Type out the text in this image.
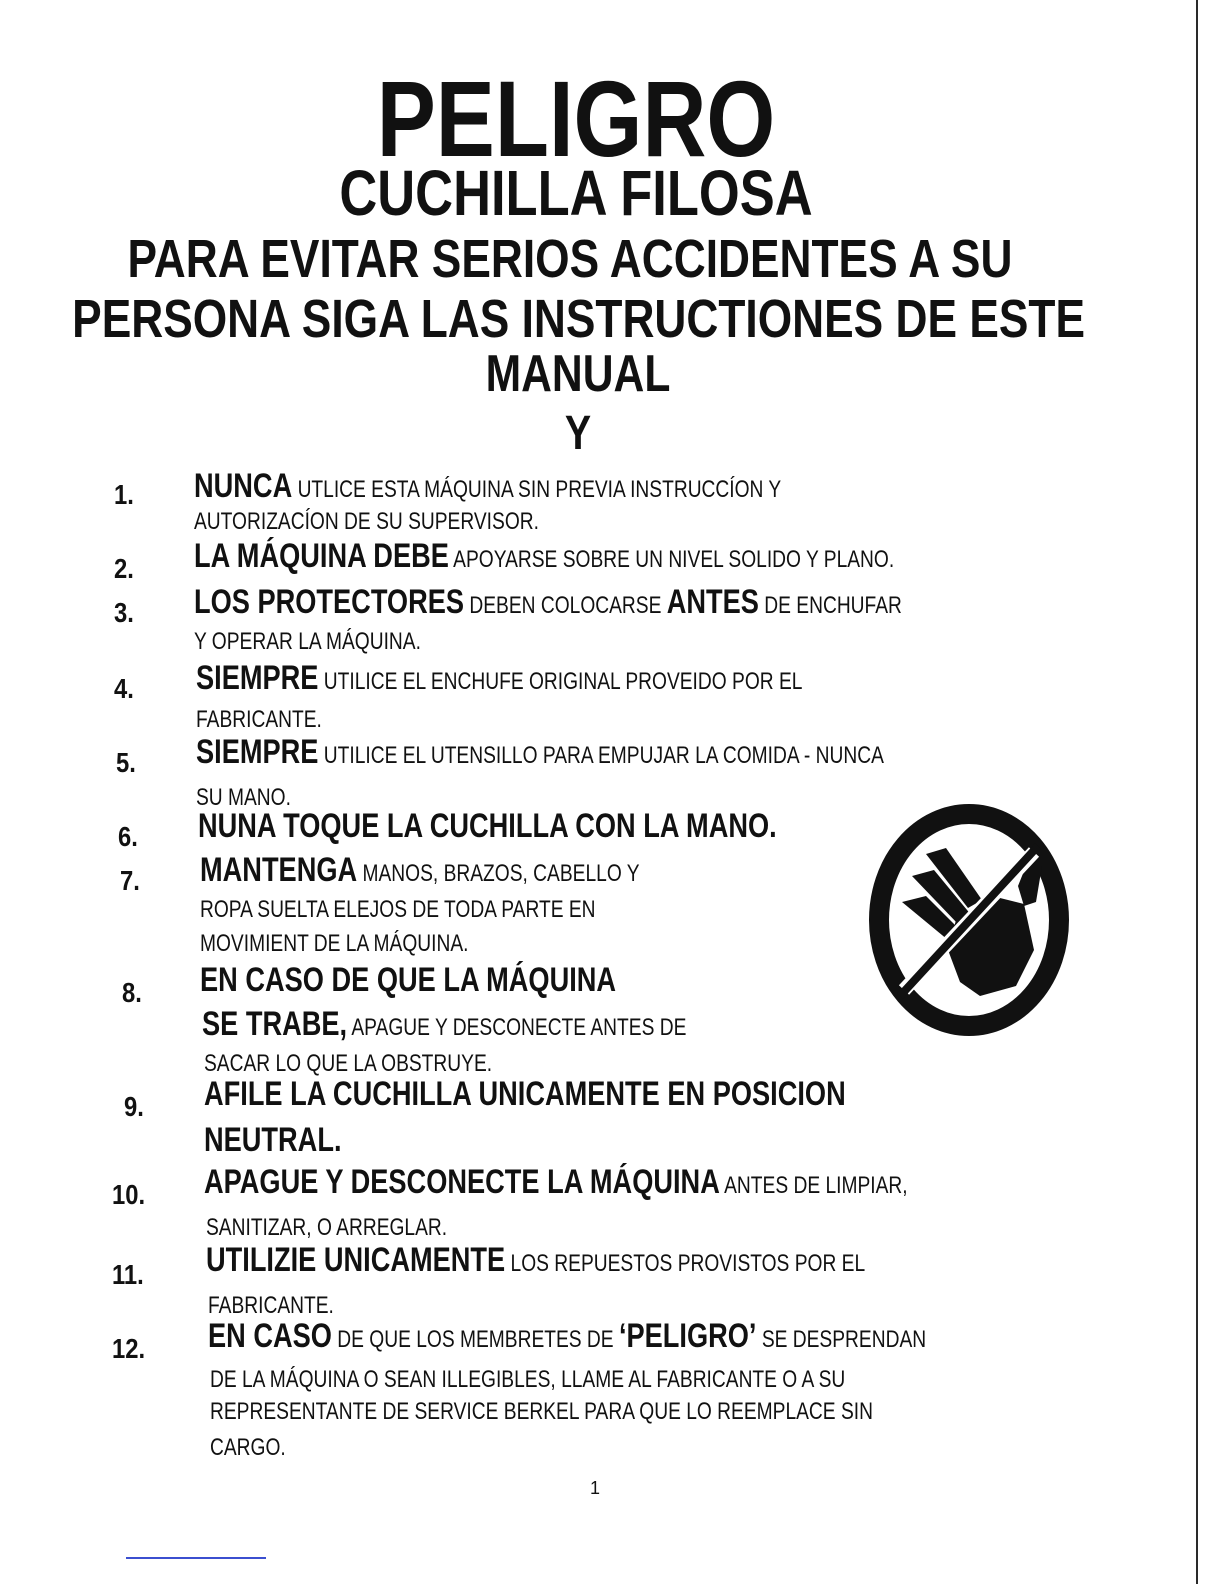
PELIGRO
CUCHILLA FILOSA
PARA EVITAR SERIOS ACCIDENTES A SU
PERSONA SIGA LAS INSTRUCTIONES DE ESTE
MANUAL
Y
1. NUNCA UTLICE ESTA MÁQUINA SIN PREVIA INSTRUCCÍON Y
AUTORIZACÍON DE SU SUPERVISOR.
2. LA MÁQUINA DEBE APOYARSE SOBRE UN NIVEL SOLIDO Y PLANO.
3. LOS PROTECTORES DEBEN COLOCARSE ANTES DE ENCHUFAR
Y OPERAR LA MÁQUINA.
4. SIEMPRE UTILICE EL ENCHUFE ORIGINAL PROVEIDO POR EL
FABRICANTE.
5. SIEMPRE UTILICE EL UTENSILLO PARA EMPUJAR LA COMIDA - NUNCA
SU MANO.
6. NUNA TOQUE LA CUCHILLA CON LA MANO.
7. MANTENGA MANOS, BRAZOS, CABELLO Y
ROPA SUELTA ELEJOS DE TODA PARTE EN
MOVIMIENT DE LA MÁQUINA.
8. EN CASO DE QUE LA MÁQUINA
SE TRABE, APAGUE Y DESCONECTE ANTES DE
SACAR LO QUE LA OBSTRUYE.
9. AFILE LA CUCHILLA UNICAMENTE EN POSICION
NEUTRAL.
10. APAGUE Y DESCONECTE LA MÁQUINA ANTES DE LIMPIAR,
SANITIZAR, O ARREGLAR.
11. UTILIZIE UNICAMENTE LOS REPUESTOS PROVISTOS POR EL
FABRICANTE.
12. EN CASO DE QUE LOS MEMBRETES DE ‘PELIGRO’ SE DESPRENDAN
DE LA MÁQUINA O SEAN ILLEGIBLES, LLAME AL FABRICANTE O A SU
REPRESENTANTE DE SERVICE BERKEL PARA QUE LO REEMPLACE SIN
CARGO.
1
